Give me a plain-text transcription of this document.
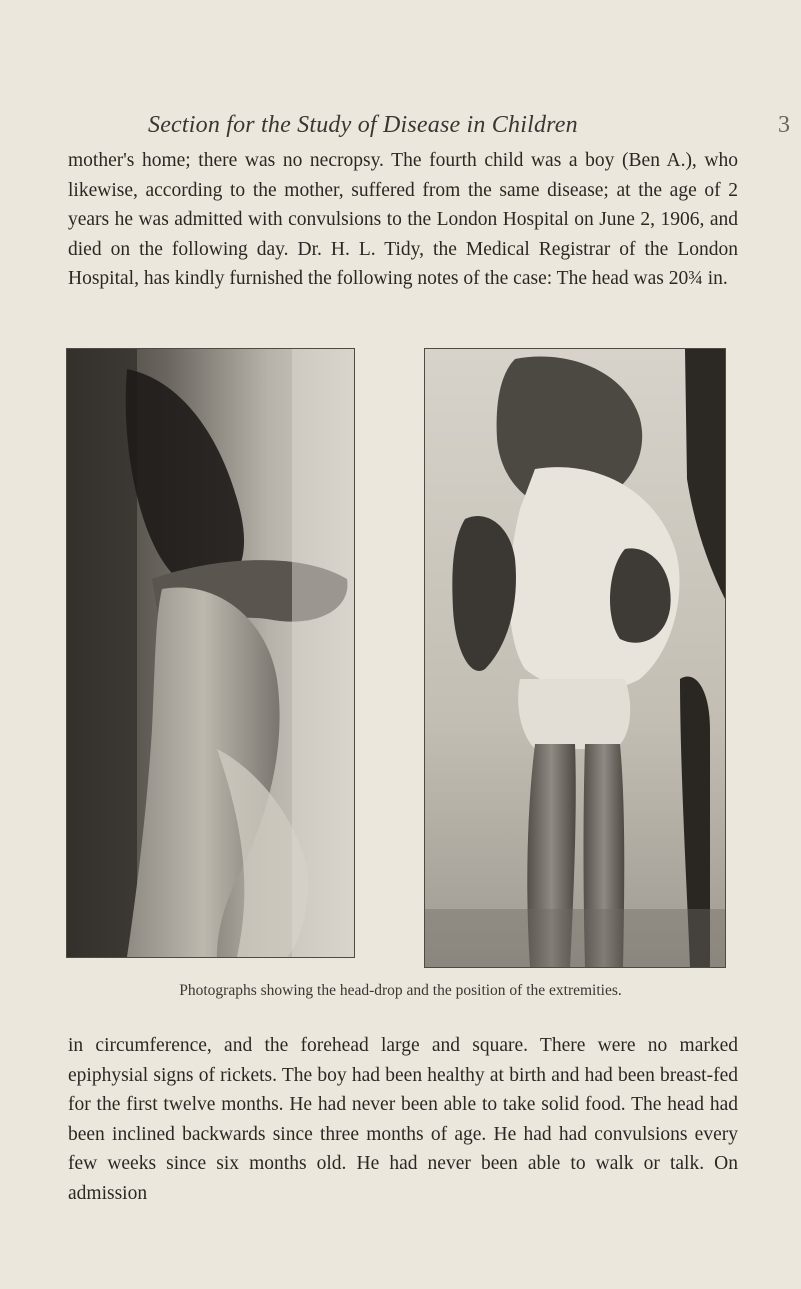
Section for the Study of Disease in Children	3

mother's home; there was no necropsy. The fourth child was a boy (Ben A.), who likewise, according to the mother, suffered from the same disease; at the age of 2 years he was admitted with convulsions to the London Hospital on June 2, 1906, and died on the following day. Dr. H. L. Tidy, the Medical Registrar of the London Hospital, has kindly furnished the following notes of the case: The head was 20¾ in.

Photographs showing the head-drop and the position of the extremities.

in circumference, and the forehead large and square. There were no marked epiphysial signs of rickets. The boy had been healthy at birth and had been breast-fed for the first twelve months. He had never been able to take solid food. The head had been inclined backwards since three months of age. He had had convulsions every few weeks since six months old. He had never been able to walk or talk. On admission
